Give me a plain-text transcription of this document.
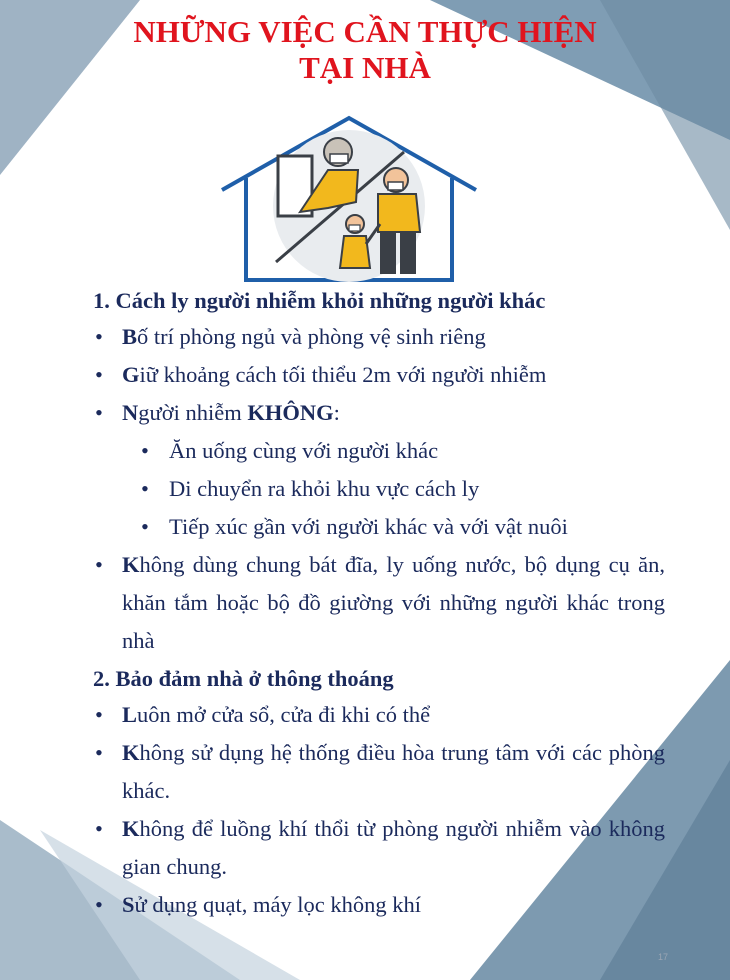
NHỮNG VIỆC CẦN THỰC HIỆN
TẠI NHÀ

1. Cách ly người nhiễm khỏi những người khác

• Bố trí phòng ngủ và phòng vệ sinh riêng
• Giữ khoảng cách tối thiểu 2m với người nhiễm
• Người nhiễm KHÔNG:
• Ăn uống cùng với người khác
• Di chuyển ra khỏi khu vực cách ly
• Tiếp xúc gần với người khác và với vật nuôi
• Không dùng chung bát đĩa, ly uống nước, bộ dụng cụ ăn, khăn tắm hoặc bộ đồ giường với những người khác trong nhà

2. Bảo đảm nhà ở thông thoáng

• Luôn mở cửa sổ, cửa đi khi có thể
• Không sử dụng hệ thống điều hòa trung tâm với các phòng khác.
• Không để luồng khí thổi từ phòng người nhiễm vào không gian chung.
• Sử dụng quạt, máy lọc không khí
17
